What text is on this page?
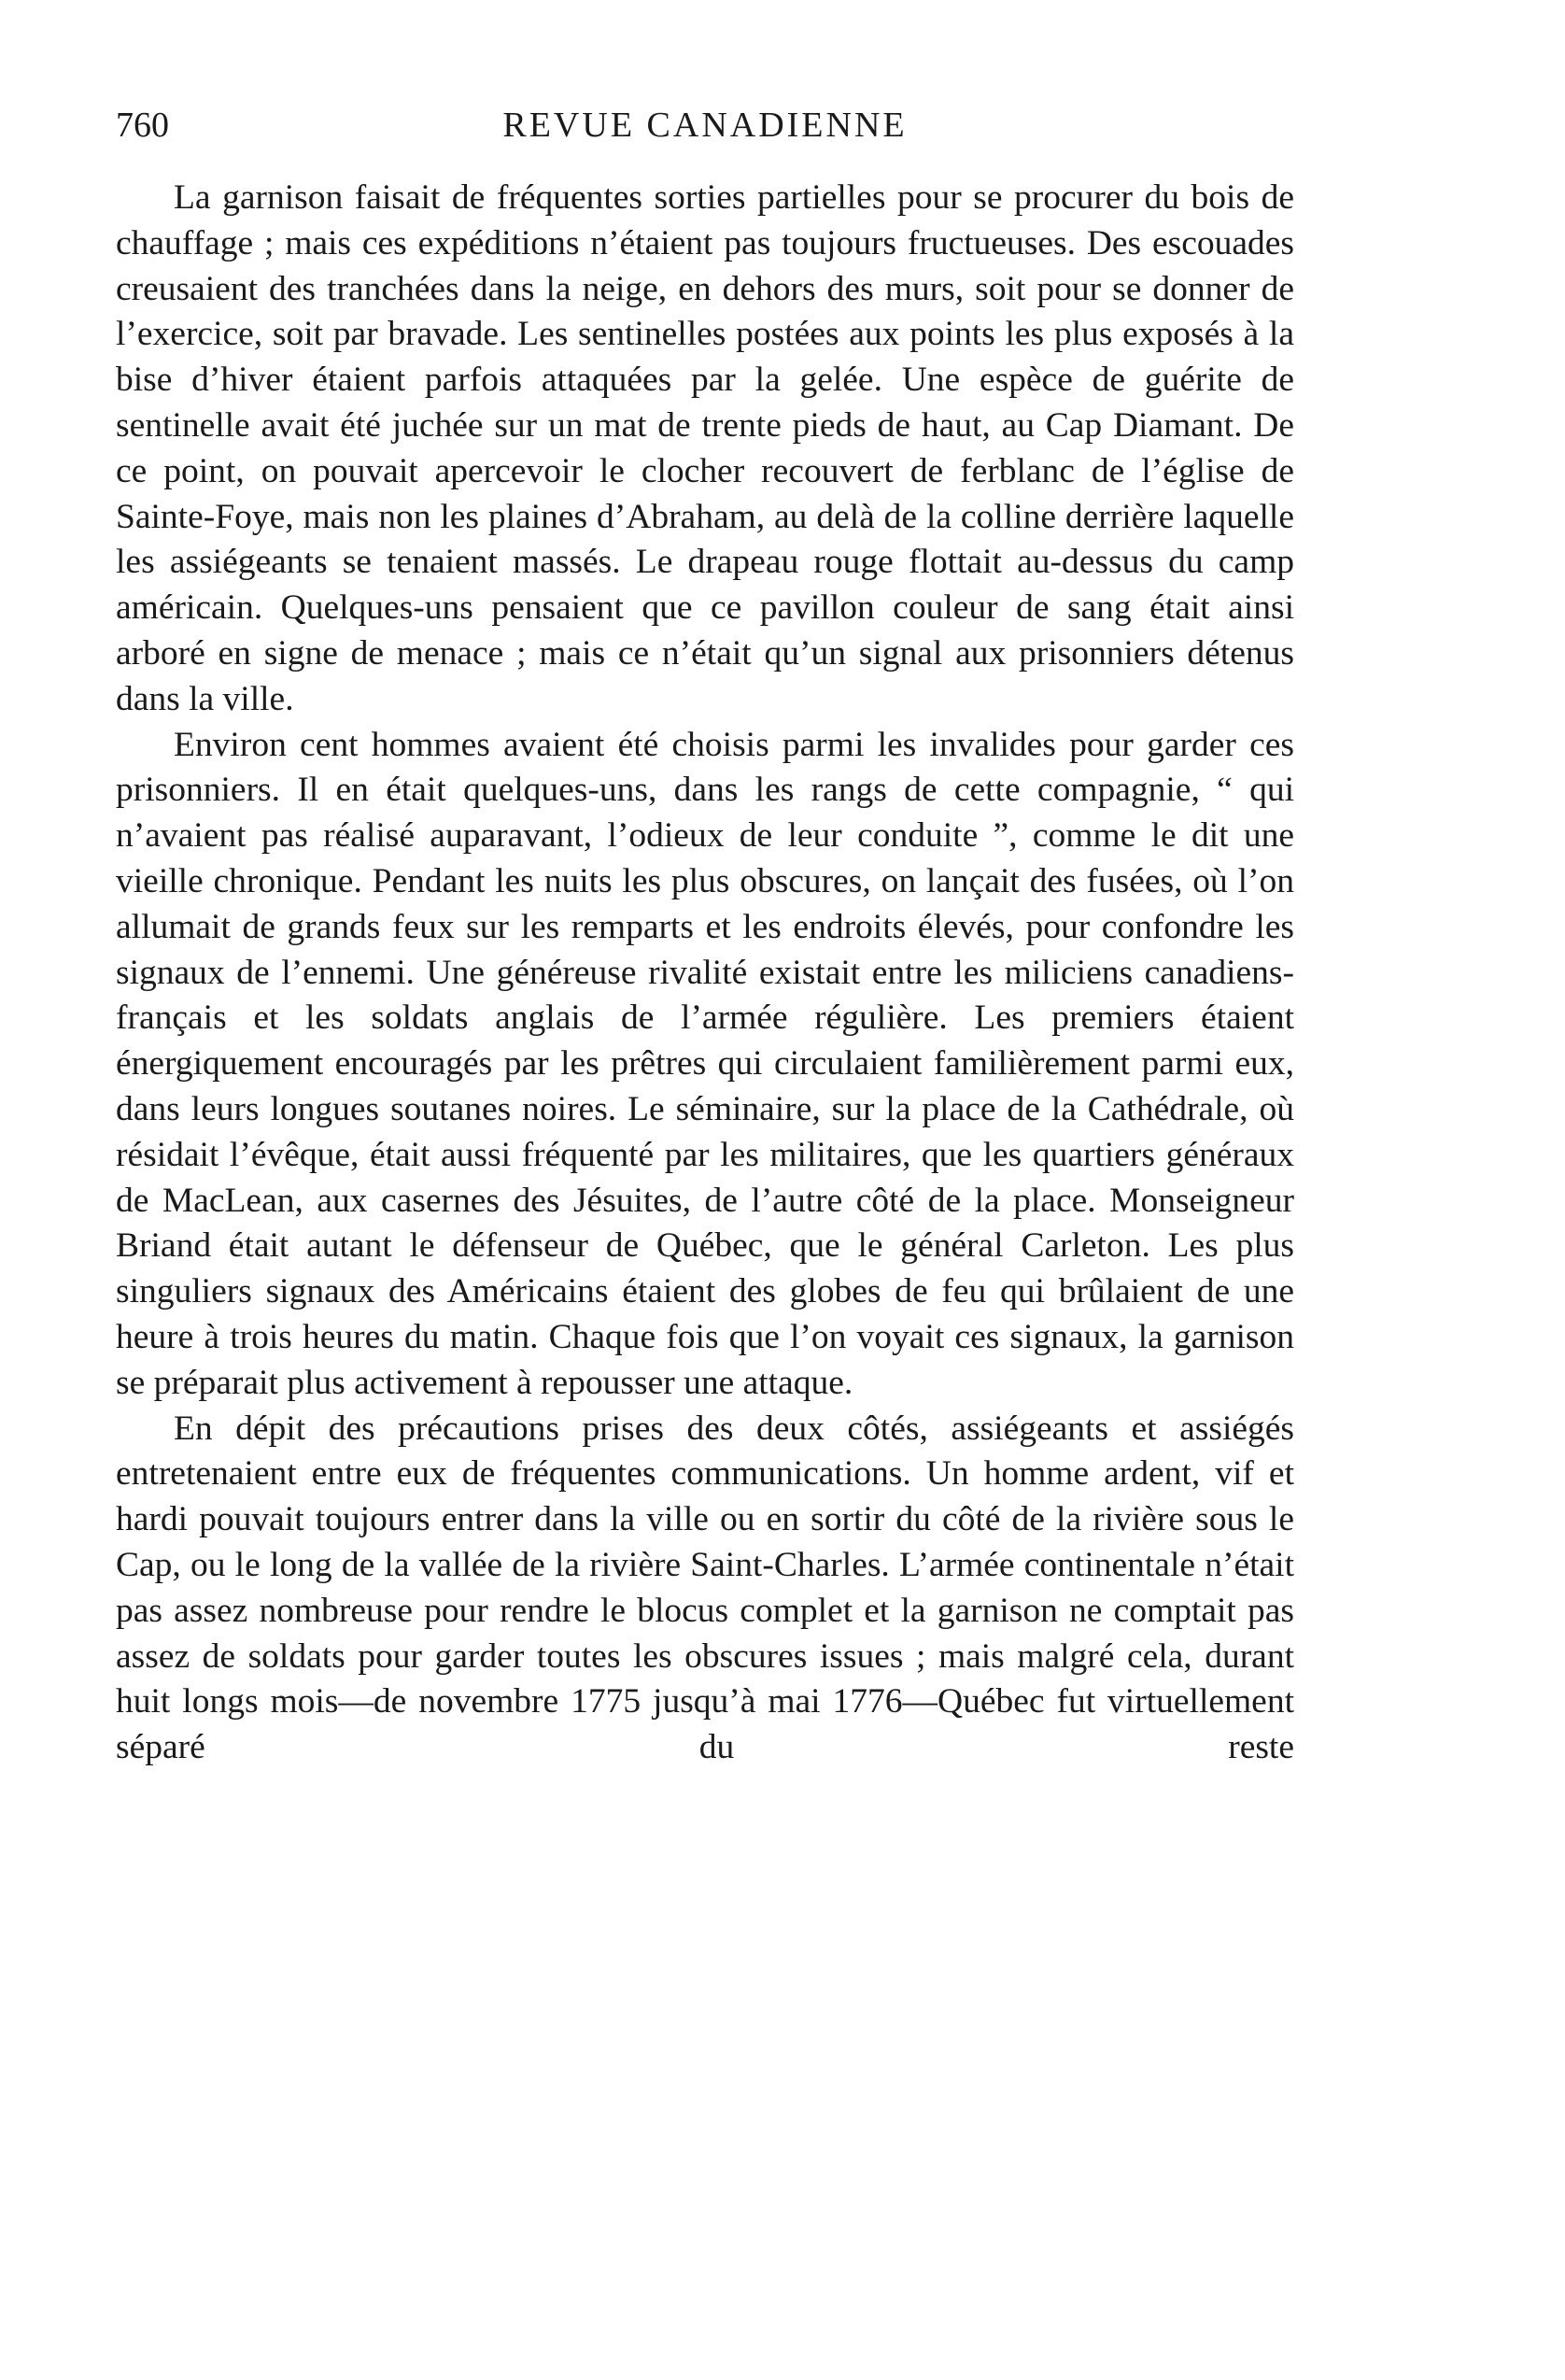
760	REVUE CANADIENNE

La garnison faisait de fréquentes sorties partielles pour se procurer du bois de chauffage ; mais ces expéditions n’étaient pas toujours fructueuses. Des escouades creusaient des tranchées dans la neige, en dehors des murs, soit pour se donner de l’exercice, soit par bravade. Les sentinelles postées aux points les plus exposés à la bise d’hiver étaient parfois attaquées par la gelée. Une espèce de guérite de sentinelle avait été juchée sur un mat de trente pieds de haut, au Cap Diamant. De ce point, on pouvait apercevoir le clocher recouvert de ferblanc de l’église de Sainte-Foye, mais non les plaines d’Abraham, au delà de la colline derrière laquelle les assiégeants se tenaient massés. Le drapeau rouge flottait au-dessus du camp américain. Quelques-uns pensaient que ce pavillon couleur de sang était ainsi arboré en signe de menace ; mais ce n’était qu’un signal aux prisonniers détenus dans la ville.

Environ cent hommes avaient été choisis parmi les invalides pour garder ces prisonniers. Il en était quelques-uns, dans les rangs de cette compagnie, “ qui n’avaient pas réalisé auparavant, l’odieux de leur conduite ”, comme le dit une vieille chronique. Pendant les nuits les plus obscures, on lançait des fusées, où l’on allumait de grands feux sur les remparts et les endroits élevés, pour confondre les signaux de l’ennemi. Une généreuse rivalité existait entre les miliciens canadiens-français et les soldats anglais de l’armée régulière. Les premiers étaient énergiquement encouragés par les prêtres qui circulaient familièrement parmi eux, dans leurs longues soutanes noires. Le séminaire, sur la place de la Cathédrale, où résidait l’évêque, était aussi fréquenté par les militaires, que les quartiers généraux de MacLean, aux casernes des Jésuites, de l’autre côté de la place. Monseigneur Briand était autant le défenseur de Québec, que le général Carleton. Les plus singuliers signaux des Américains étaient des globes de feu qui brûlaient de une heure à trois heures du matin. Chaque fois que l’on voyait ces signaux, la garnison se préparait plus activement à repousser une attaque.

En dépit des précautions prises des deux côtés, assiégeants et assiégés entretenaient entre eux de fréquentes communications. Un homme ardent, vif et hardi pouvait toujours entrer dans la ville ou en sortir du côté de la rivière sous le Cap, ou le long de la vallée de la rivière Saint-Charles. L’armée continentale n’était pas assez nombreuse pour rendre le blocus complet et la garnison ne comptait pas assez de soldats pour garder toutes les obscures issues ; mais malgré cela, durant huit longs mois—de novembre 1775 jusqu’à mai 1776—Québec fut virtuellement séparé du reste
